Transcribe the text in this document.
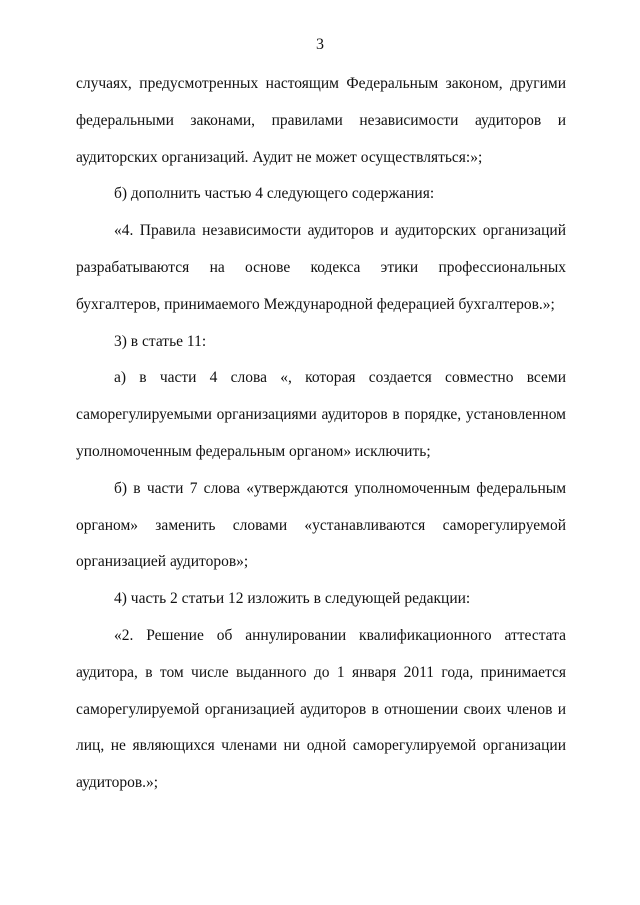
3

случаях, предусмотренных настоящим Федеральным законом, другими федеральными законами, правилами независимости аудиторов и аудиторских организаций. Аудит не может осуществляться:»;

б) дополнить частью 4 следующего содержания:

«4. Правила независимости аудиторов и аудиторских организаций разрабатываются на основе кодекса этики профессиональных бухгалтеров, принимаемого Международной федерацией бухгалтеров.»;

3) в статье 11:

а) в части 4 слова «, которая создается совместно всеми саморегулируемыми организациями аудиторов в порядке, установленном уполномоченным федеральным органом» исключить;

б) в части 7 слова «утверждаются уполномоченным федеральным органом» заменить словами «устанавливаются саморегулируемой организацией аудиторов»;

4) часть 2 статьи 12 изложить в следующей редакции:

«2. Решение об аннулировании квалификационного аттестата аудитора, в том числе выданного до 1 января 2011 года, принимается саморегулируемой организацией аудиторов в отношении своих членов и лиц, не являющихся членами ни одной саморегулируемой организации аудиторов.»;
